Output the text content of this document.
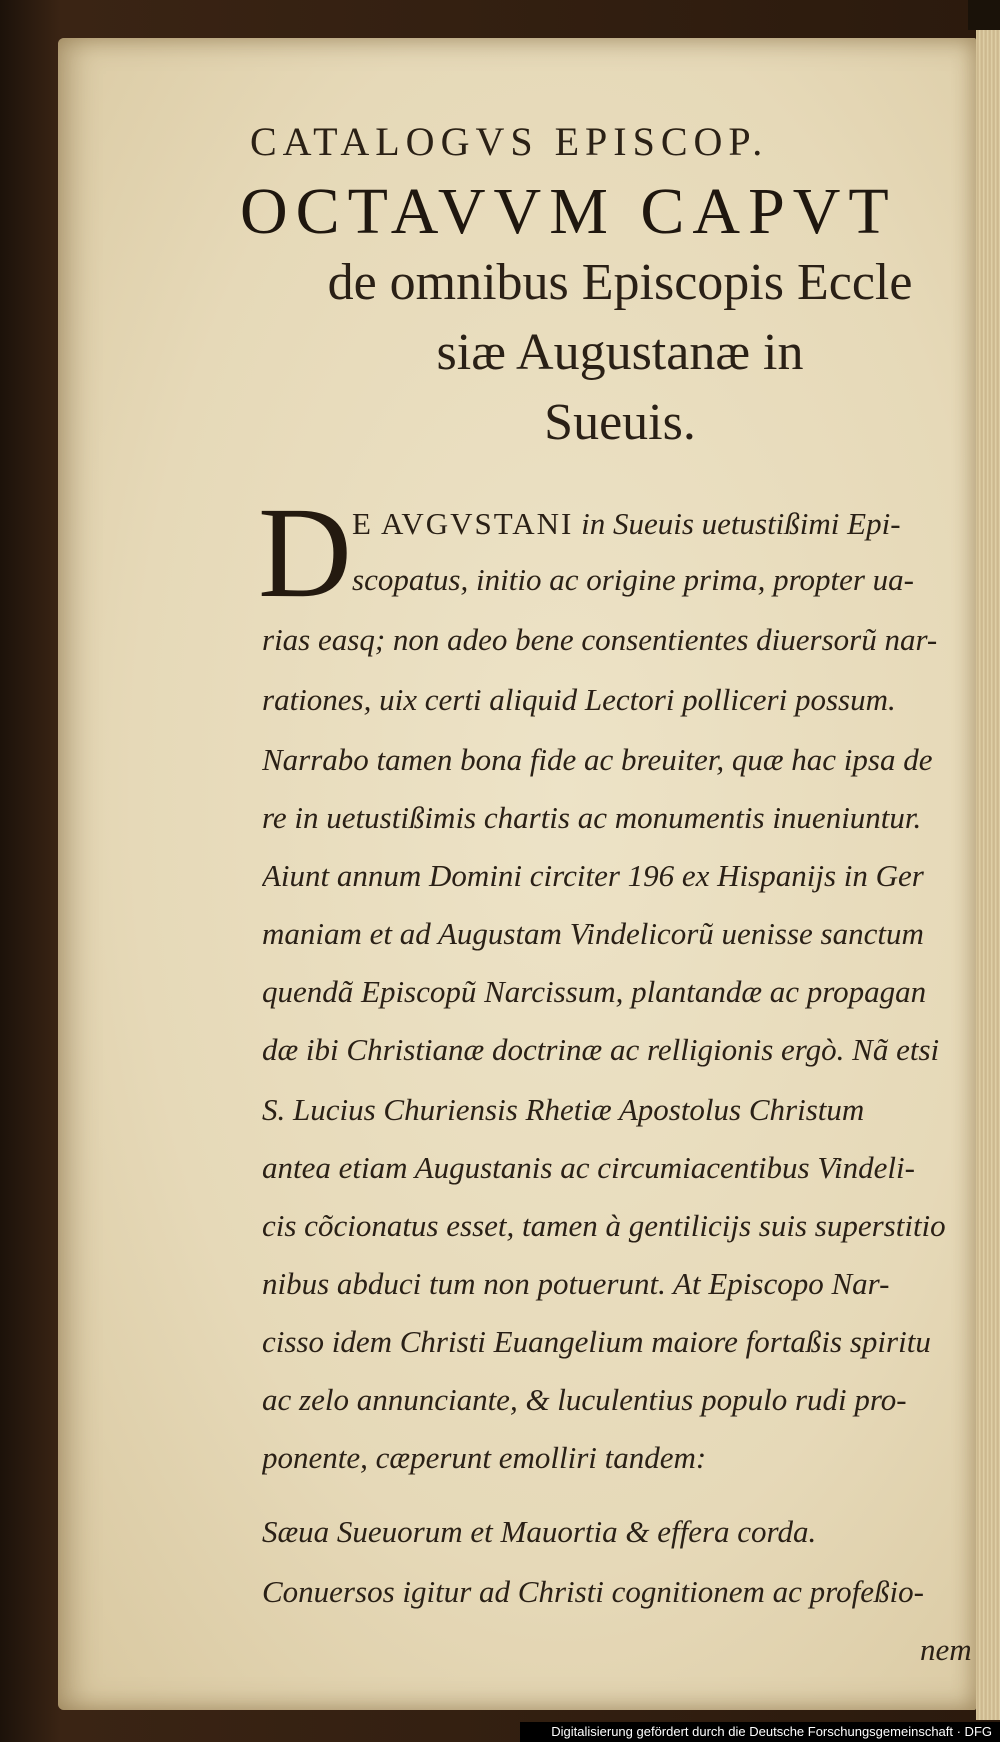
CATALOGVS EPISCOP.
OCTAVVM CAPVT
de omnibus Episcopis Eccle
siæ Augustanæ in
Sueuis.
D E AVGVSTANI in Sueuis uetustißimi Epi-
scopatus, initio ac origine prima, propter ua-
rias easq; non adeo bene consentientes diuersorũ nar-
rationes, uix certi aliquid Lectori polliceri possum.
Narrabo tamen bona fide ac breuiter, quæ hac ipsa de
re in uetustißimis chartis ac monumentis inueniuntur.
Aiunt annum Domini circiter 196 ex Hispanijs in Ger
maniam et ad Augustam Vindelicorũ uenisse sanctum
quendã Episcopũ Narcissum, plantandæ ac propagan
dæ ibi Christianæ doctrinæ ac relligionis ergò. Nã etsi
S. Lucius Churiensis Rhetiæ Apostolus Christum
antea etiam Augustanis ac circumiacentibus Vindeli-
cis cõcionatus esset, tamen à gentilicijs suis superstitio
nibus abduci tum non potuerunt. At Episcopo Nar-
cisso idem Christi Euangelium maiore fortaßis spiritu
ac zelo annunciante, & luculentius populo rudi pro-
ponente, cæperunt emolliri tandem:
Sæua Sueuorum et Mauortia & effera corda.
Conuersos igitur ad Christi cognitionem ac profeßio-
nem
Digitalisierung gefördert durch die Deutsche Forschungsgemeinschaft · DFG
